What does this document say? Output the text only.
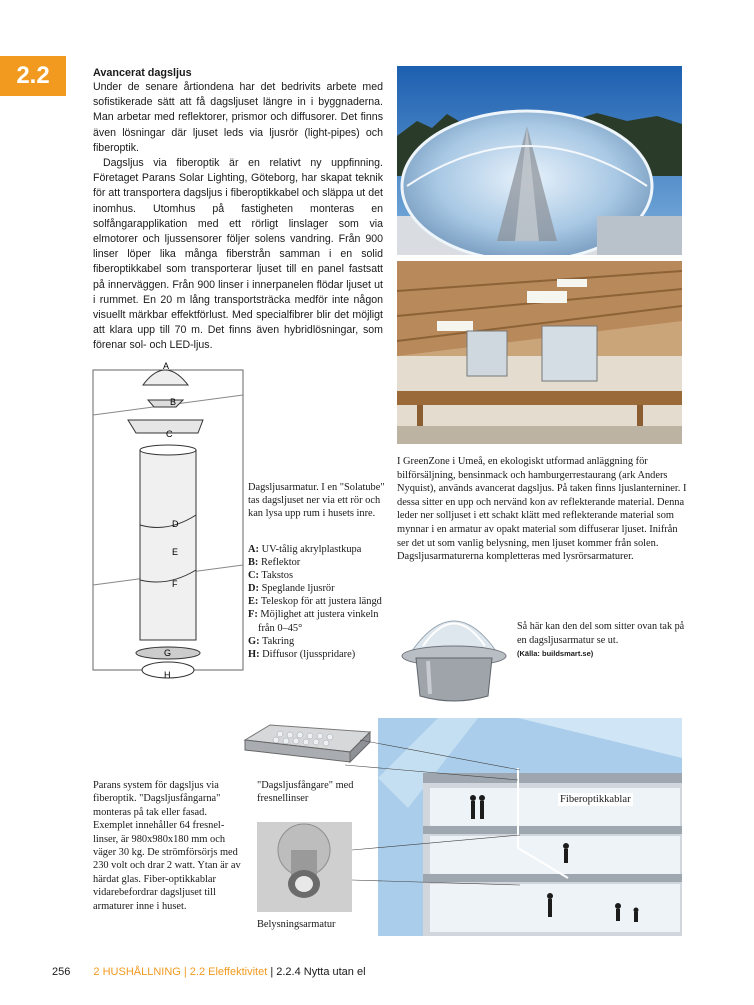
2.2	Avancerat dagsljus

Under de senare årtiondena har det bedrivits arbete med sofistikerade sätt att få dagsljuset längre in i byggnaderna. Man arbetar med reflektorer, prismor och diffusorer. Det finns även lösningar där ljuset leds via ljusrör (light-pipes) och fiberoptik.

Dagsljus via fiberoptik är en relativt ny uppfinning. Företaget Parans Solar Lighting, Göteborg, har skapat teknik för att transportera dagsljus i fiberoptikkabel och släppa ut det inomhus. Utomhus på fastigheten monteras en solfångarapplikation med ett rörligt linslager som via elmotorer och ljussensorer följer solens vandring. Från 900 linser löper lika många fiberstrån samman i en solid fiberoptikkabel som transporterar ljuset till en panel fastsatt på innerväggen. Från 900 linser i innerpanelen flödar ljuset ut i rummet. En 20 m lång transportsträcka medför inte någon visuellt märkbar effektförlust. Med specialfibrer blir det möjligt att klara upp till 70 m. Det finns även hybridlösningar, som förenar sol- och LED-ljus.

A
B
C
D
E
F
G
H
Dagsljusarmatur. I en "Solatube" tas dagsljuset ner via ett rör och kan lysa upp rum i husets inre.
A: UV-tålig akrylplastkupa
B: Reflektor
C: Takstos
D: Speglande ljusrör
E: Teleskop för att justera längd
F: Möjlighet att justera vinkeln från 0–45°
G: Takring
H: Diffusor (ljusspridare)
I GreenZone i Umeå, en ekologiskt utformad anläggning för bilförsäljning, bensinmack och hamburgerrestaurang (ark Anders Nyquist), används avancerat dagsljus. På taken finns ljuslanterniner. I dessa sitter en upp och nervänd kon av reflekterande material. Denna leder ner solljuset i ett schakt klätt med reflekterande material som mynnar i en armatur av opakt material som diffuserar ljuset. Inifrån ser det ut som vanlig belysning, men ljuset kommer från solen. Dagsljusarmaturerna kompletteras med lysrörsarmaturer.
Så här kan den del som sitter ovan tak på en dagsljusarmatur se ut.
(Källa: buildsmart.se)
"Dagsljusfångare" med fresnellinser
Belysningsarmatur
Parans system för dagsljus via fiberoptik. "Dagsljusfångarna" monteras på tak eller fasad. Exemplet innehåller 64 fresnel-linser, är 980x980x180 mm och väger 30 kg. De strömförsörjs med 230 volt och drar 2 watt. Ytan är av härdat glas. Fiber-optikkablar vidarebefordrar dagsljuset till armaturer inne i huset.
Fiberoptikkablar
256 2 HUSHÅLLNING | 2.2 Eleffektivitet | 2.2.4 Nytta utan el
